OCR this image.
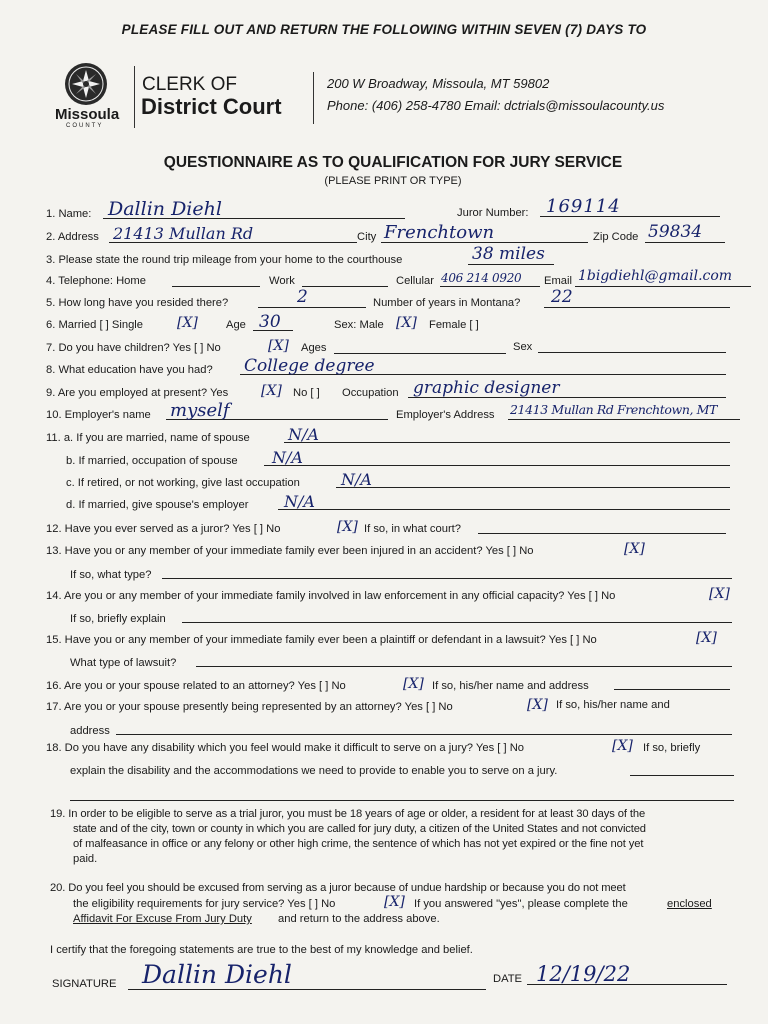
PLEASE FILL OUT AND RETURN THE FOLLOWING WITHIN SEVEN (7) DAYS TO
Missoula
COUNTY
CLERK OF
District Court
200 W Broadway, Missoula, MT 59802
Phone: (406) 258-4780 Email: dctrials@missoulacounty.us
QUESTIONNAIRE AS TO QUALIFICATION FOR JURY SERVICE
(PLEASE PRINT OR TYPE)
1. Name: Dallin Diehl	Juror Number: 169114
2. Address 21413 Mullan Rd	City Frenchtown	Zip Code 59834
3. Please state the round trip mileage from your home to the courthouse	38 miles
4. Telephone: Home	Work	Cellular 406 214 0920 Email 1bigdiehl@gmail.com
5. How long have you resided there?	2	Number of years in Montana? 22
6. Married [ ] Single [X]	Age 30	Sex: Male [X] Female [ ]
7. Do you have children? Yes [ ] No	[X] Ages	Sex
8. What education have you had? College degree
9. Are you employed at present? Yes [X] No [ ] Occupation graphic designer
10. Employer's name myself	Employer's Address 21413 Mullan Rd Frenchtown, MT
11. a. If you are married, name of spouse N/A
b. If married, occupation of spouse N/A
c. If retired, or not working, give last occupation	N/A
d. If married, give spouse's employer N/A
12. Have you ever served as a juror? Yes [ ] No	[X] If so, in what court?
13. Have you or any member of your immediate family ever been injured in an accident? Yes [ ] No	[X]
If so, what type?
14. Are you or any member of your immediate family involved in law enforcement in any official capacity? Yes [ ] No	[X]
If so, briefly explain
15. Have you or any member of your immediate family ever been a plaintiff or defendant in a lawsuit? Yes [ ] No	[X]
What type of lawsuit?
16. Are you or your spouse related to an attorney? Yes [ ] No	[X] If so, his/her name and address
17. Are you or your spouse presently being represented by an attorney? Yes [ ] No	[X] If so, his/her name and
address
18. Do you have any disability which you feel would make it difficult to serve on a jury? Yes [ ] No	[X] If so, briefly
explain the disability and the accommodations we need to provide to enable you to serve on a jury.
19. In order to be eligible to serve as a trial juror, you must be 18 years of age or older, a resident for at least 30 days of the
state and of the city, town or county in which you are called for jury duty, a citizen of the United States and not convicted
of malfeasance in office or any felony or other high crime, the sentence of which has not yet expired or the fine not yet
paid.
20. Do you feel you should be excused from serving as a juror because of undue hardship or because you do not meet
the eligibility requirements for jury service? Yes [ ] No	[X] If you answered "yes", please complete the	enclosed
Affidavit For Excuse From Jury Duty and return to the address above.
I certify that the foregoing statements are true to the best of my knowledge and belief.
SIGNATURE Dallin Diehl	DATE 12/19/22
